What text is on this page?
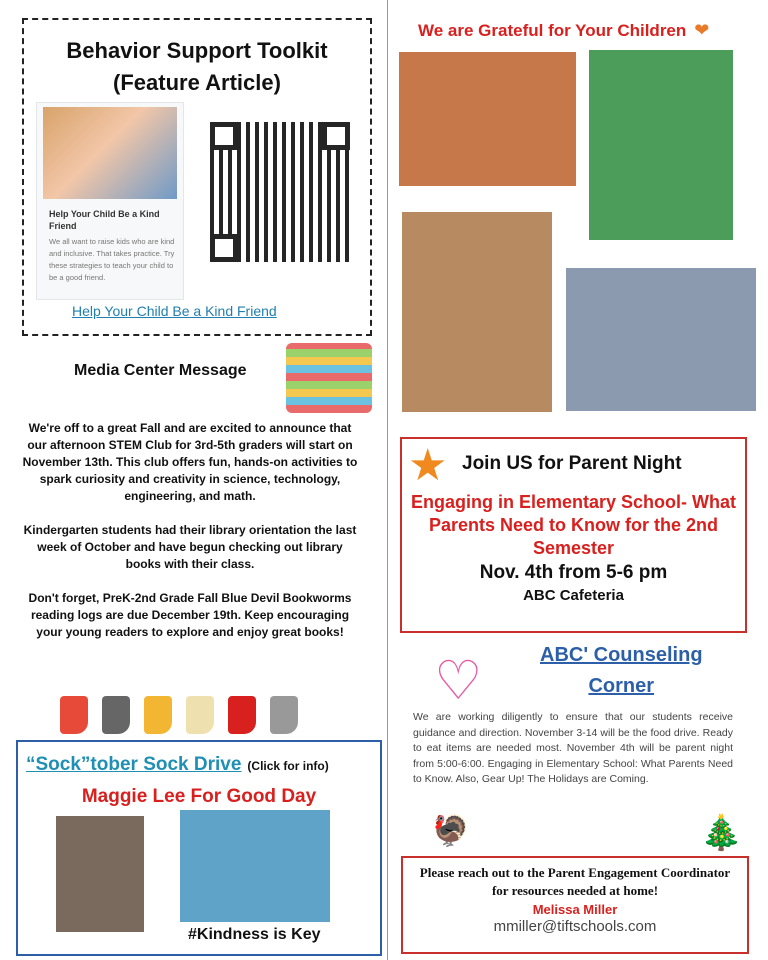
Behavior Support Toolkit
(Feature Article)
Help Your Child Be a Kind Friend
We all want to raise kids who are kind and inclusive. That takes practice. Try these strategies to teach your child to be a good friend.
Help Your Child Be a Kind Friend
Media Center Message

We're off to a great Fall and are excited to announce that our afternoon STEM Club for 3rd-5th graders will start on November 13th. This club offers fun, hands-on activities to spark curiosity and creativity in science, technology, engineering, and math.

Kindergarten students had their library orientation the last week of October and have begun checking out library books with their class.

Don't forget, PreK-2nd Grade Fall Blue Devil Bookworms reading logs are due December 19th. Keep encouraging your young readers to explore and enjoy great books!

“Sock”tober Sock Drive (Click for info)
Maggie Lee For Good Day
#Kindness is Key
We are Grateful for Your Children ❤
★ Join US for Parent Night
Engaging in Elementary School- What Parents Need to Know for the 2nd Semester
Nov. 4th from 5-6 pm
ABC Cafeteria
♡	ABC' Counseling
Corner
We are working diligently to ensure that our students receive guidance and direction. November 3-14 will be the food drive. Ready to eat items are needed most. November 4th will be parent night from 5:00-6:00. Engaging in Elementary School: What Parents Need to Know. Also, Gear Up! The Holidays are Coming.
🦃	🎄
Please reach out to the Parent Engagement Coordinator for resources needed at home!
Melissa Miller
mmiller@tiftschools.com
